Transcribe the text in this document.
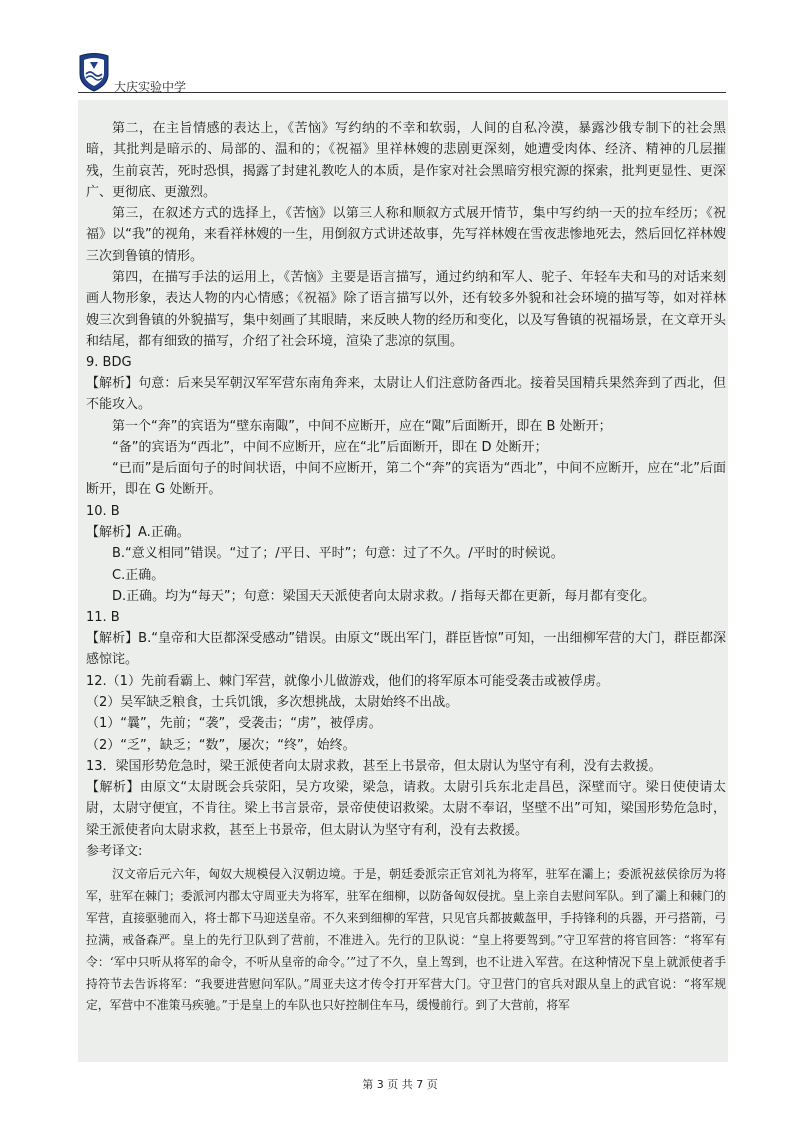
大庆实验中学

第二，在主旨情感的表达上，《苦恼》写约纳的不幸和软弱，人间的自私冷漠，暴露沙俄专制下的社会黑暗，其批判是暗示的、局部的、温和的；《祝福》里祥林嫂的悲剧更深刻，她遭受肉体、经济、精神的几层摧残，生前哀苦，死时恐惧，揭露了封建礼教吃人的本质，是作家对社会黑暗穷根究源的探索，批判更显性、更深广、更彻底、更激烈。

第三，在叙述方式的选择上，《苦恼》以第三人称和顺叙方式展开情节，集中写约纳一天的拉车经历；《祝福》以“我”的视角，来看祥林嫂的一生，用倒叙方式讲述故事，先写祥林嫂在雪夜悲惨地死去，然后回忆祥林嫂三次到鲁镇的情形。

第四，在描写手法的运用上，《苦恼》主要是语言描写，通过约纳和军人、驼子、年轻车夫和马的对话来刻画人物形象，表达人物的内心情感；《祝福》除了语言描写以外，还有较多外貌和社会环境的描写等，如对祥林嫂三次到鲁镇的外貌描写，集中刻画了其眼睛，来反映人物的经历和变化，以及写鲁镇的祝福场景，在文章开头和结尾，都有细致的描写，介绍了社会环境，渲染了悲凉的氛围。

9. BDG

【解析】句意：后来吴军朝汉军军营东南角奔来，太尉让人们注意防备西北。接着吴国精兵果然奔到了西北，但不能攻入。

第一个“奔”的宾语为“壁东南陬”，中间不应断开，应在“陬”后面断开，即在 B 处断开；

“备”的宾语为“西北”，中间不应断开，应在“北”后面断开，即在 D 处断开；

“已而”是后面句子的时间状语，中间不应断开，第二个“奔”的宾语为“西北”，中间不应断开，应在“北”后面断开，即在 G 处断开。

10. B

【解析】A.正确。

B.“意义相同”错误。“过了；/平日、平时”；句意：过了不久。/平时的时候说。

C.正确。

D.正确。均为“每天”；句意：梁国天天派使者向太尉求救。/ 指每天都在更新，每月都有变化。

11. B

【解析】B.“皇帝和大臣都深受感动”错误。由原文“既出军门，群臣皆惊”可知，一出细柳军营的大门，群臣都深感惊诧。

12.（1）先前看霸上、棘门军营，就像小儿做游戏，他们的将军原本可能受袭击或被俘虏。

（2）吴军缺乏粮食，士兵饥饿，多次想挑战，太尉始终不出战。

（1）“曩”，先前；“袭”，受袭击；“虏”，被俘虏。

（2）“乏”，缺乏；“数”，屡次；“终”，始终。

13．梁国形势危急时，梁王派使者向太尉求救，甚至上书景帝，但太尉认为坚守有利，没有去救援。

【解析】由原文“太尉既会兵荥阳，吴方攻梁，梁急，请救。太尉引兵东北走昌邑，深壁而守。梁日使使请太尉，太尉守便宜，不肯往。梁上书言景帝，景帝使使诏救梁。太尉不奉诏，坚壁不出”可知，梁国形势危急时，梁王派使者向太尉求救，甚至上书景帝，但太尉认为坚守有利，没有去救援。

参考译文:

汉文帝后元六年，匈奴大规模侵入汉朝边境。于是，朝廷委派宗正官刘礼为将军，驻军在灞上；委派祝兹侯徐厉为将军，驻军在棘门；委派河内郡太守周亚夫为将军，驻军在细柳，以防备匈奴侵扰。皇上亲自去慰问军队。到了灞上和棘门的军营，直接驱驰而入，将士都下马迎送皇帝。不久来到细柳的军营，只见官兵都披戴盔甲，手持锋利的兵器，开弓搭箭，弓拉满，戒备森严。皇上的先行卫队到了营前，不准进入。先行的卫队说：“皇上将要驾到。”守卫军营的将官回答：“将军有令：‘军中只听从将军的命令，不听从皇帝的命令。’”过了不久，皇上驾到，也不让进入军营。在这种情况下皇上就派使者手持符节去告诉将军：“我要进营慰问军队。”周亚夫这才传令打开军营大门。守卫营门的官兵对跟从皇上的武官说：“将军规定，军营中不准策马疾驰。”于是皇上的车队也只好控制住车马，缓慢前行。到了大营前，将军

第 3 页 共 7 页
